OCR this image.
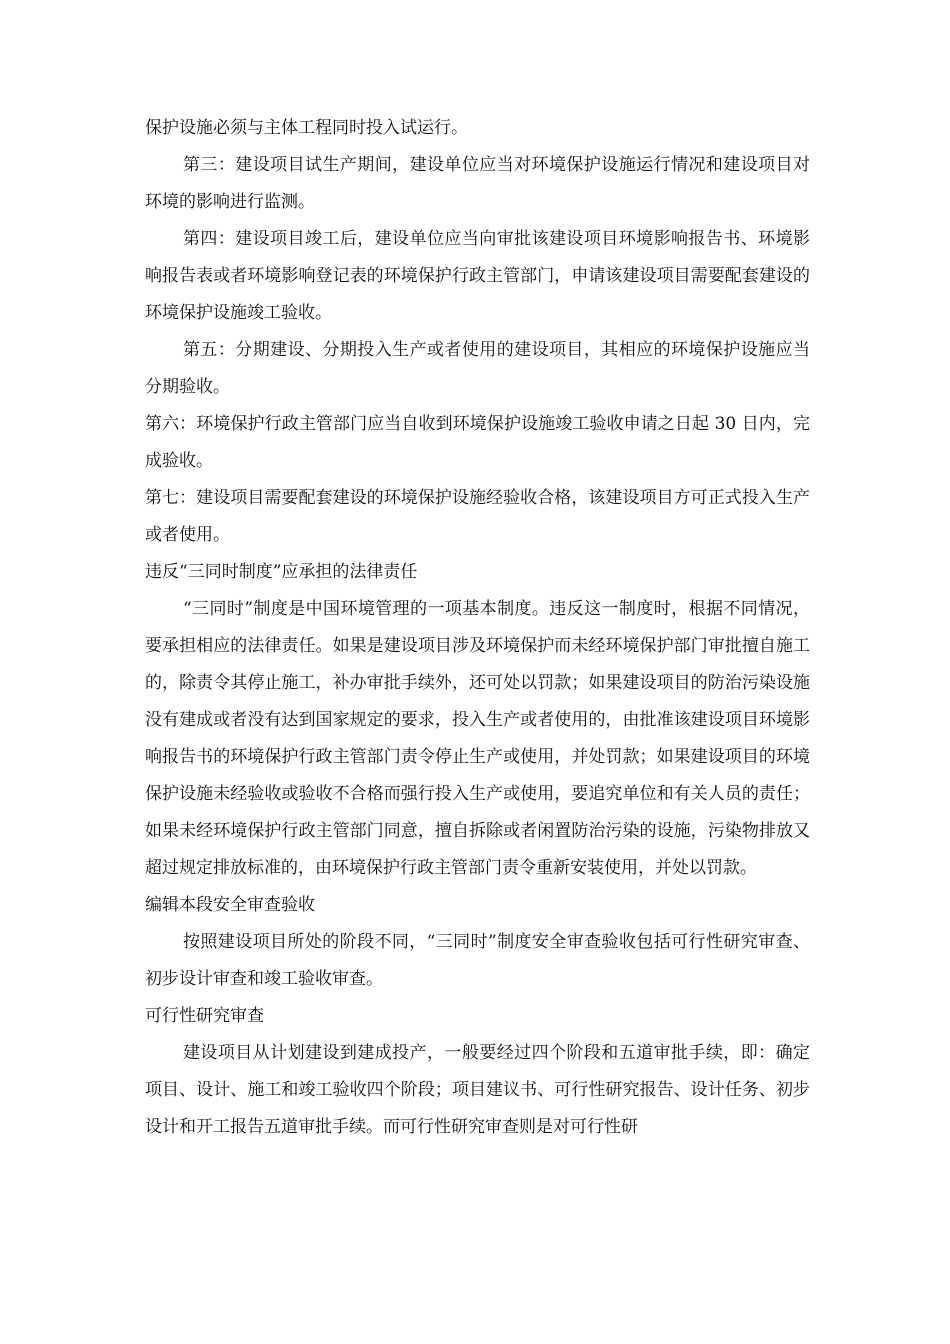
保护设施必须与主体工程同时投入试运行。

第三：建设项目试生产期间，建设单位应当对环境保护设施运行情况和建设项目对环境的影响进行监测。

第四：建设项目竣工后，建设单位应当向审批该建设项目环境影响报告书、环境影响报告表或者环境影响登记表的环境保护行政主管部门，申请该建设项目需要配套建设的环境保护设施竣工验收。

第五：分期建设、分期投入生产或者使用的建设项目，其相应的环境保护设施应当分期验收。

第六：环境保护行政主管部门应当自收到环境保护设施竣工验收申请之日起 30 日内，完成验收。

第七：建设项目需要配套建设的环境保护设施经验收合格，该建设项目方可正式投入生产或者使用。

违反“三同时制度”应承担的法律责任

“三同时”制度是中国环境管理的一项基本制度。违反这一制度时，根据不同情况，要承担相应的法律责任。如果是建设项目涉及环境保护而未经环境保护部门审批擅自施工的，除责令其停止施工，补办审批手续外，还可处以罚款；如果建设项目的防治污染设施没有建成或者没有达到国家规定的要求，投入生产或者使用的，由批准该建设项目环境影响报告书的环境保护行政主管部门责令停止生产或使用，并处罚款；如果建设项目的环境保护设施未经验收或验收不合格而强行投入生产或使用，要追究单位和有关人员的责任；如果未经环境保护行政主管部门同意，擅自拆除或者闲置防治污染的设施，污染物排放又超过规定排放标准的，由环境保护行政主管部门责令重新安装使用，并处以罚款。

编辑本段安全审查验收

按照建设项目所处的阶段不同，“三同时”制度安全审查验收包括可行性研究审查、初步设计审查和竣工验收审查。

可行性研究审查

建设项目从计划建设到建成投产，一般要经过四个阶段和五道审批手续，即：确定项目、设计、施工和竣工验收四个阶段；项目建议书、可行性研究报告、设计任务、初步设计和开工报告五道审批手续。而可行性研究审查则是对可行性研
